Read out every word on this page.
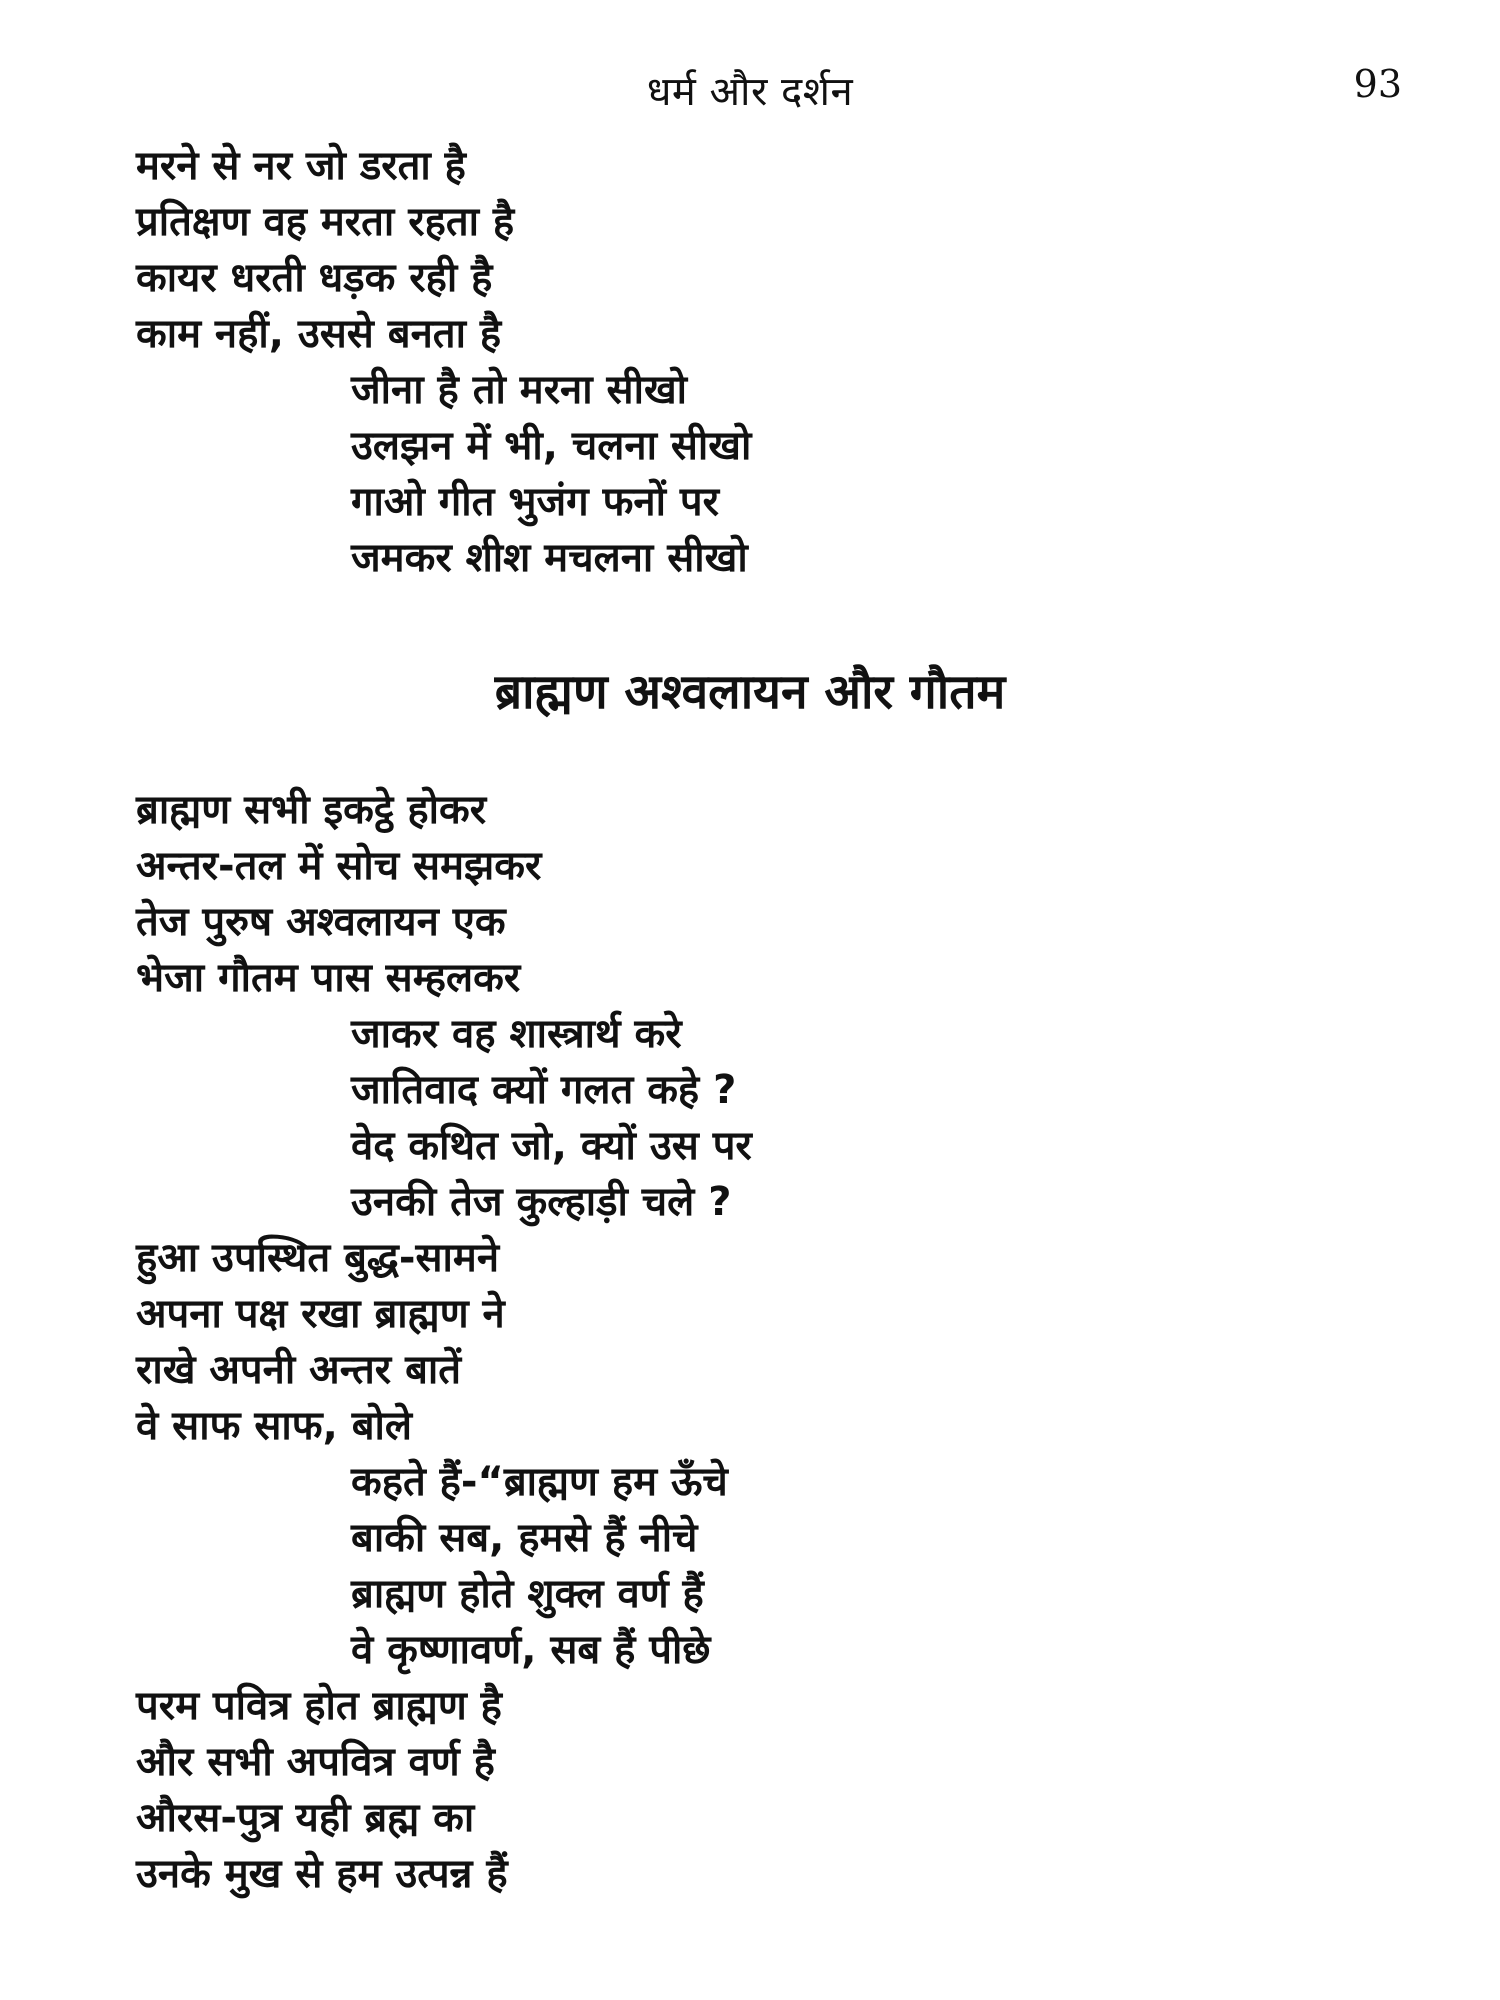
धर्म और दर्शन	93
मरने से नर जो डरता है
प्रतिक्षण वह मरता रहता है
कायर धरती धड़क रही है
काम नहीं, उससे बनता है
जीना है तो मरना सीखो
उलझन में भी, चलना सीखो
गाओ गीत भुजंग फनों पर
जमकर शीश मचलना सीखो
ब्राह्मण अश्वलायन और गौतम
ब्राह्मण सभी इकट्ठे होकर
अन्तर-तल में सोच समझकर
तेज पुरुष अश्वलायन एक
भेजा गौतम पास सम्हलकर
जाकर वह शास्त्रार्थ करे
जातिवाद क्यों गलत कहे ?
वेद कथित जो, क्यों उस पर
उनकी तेज कुल्हाड़ी चले ?
हुआ उपस्थित बुद्ध-सामने
अपना पक्ष रखा ब्राह्मण ने
राखे अपनी अन्तर बातें
वे साफ साफ, बोले
कहते हैं-“ब्राह्मण हम ऊँचे
बाकी सब, हमसे हैं नीचे
ब्राह्मण होते शुक्ल वर्ण हैं
वे कृष्णावर्ण, सब हैं पीछे
परम पवित्र होत ब्राह्मण है
और सभी अपवित्र वर्ण है
औरस-पुत्र यही ब्रह्म का
उनके मुख से हम उत्पन्न हैं
